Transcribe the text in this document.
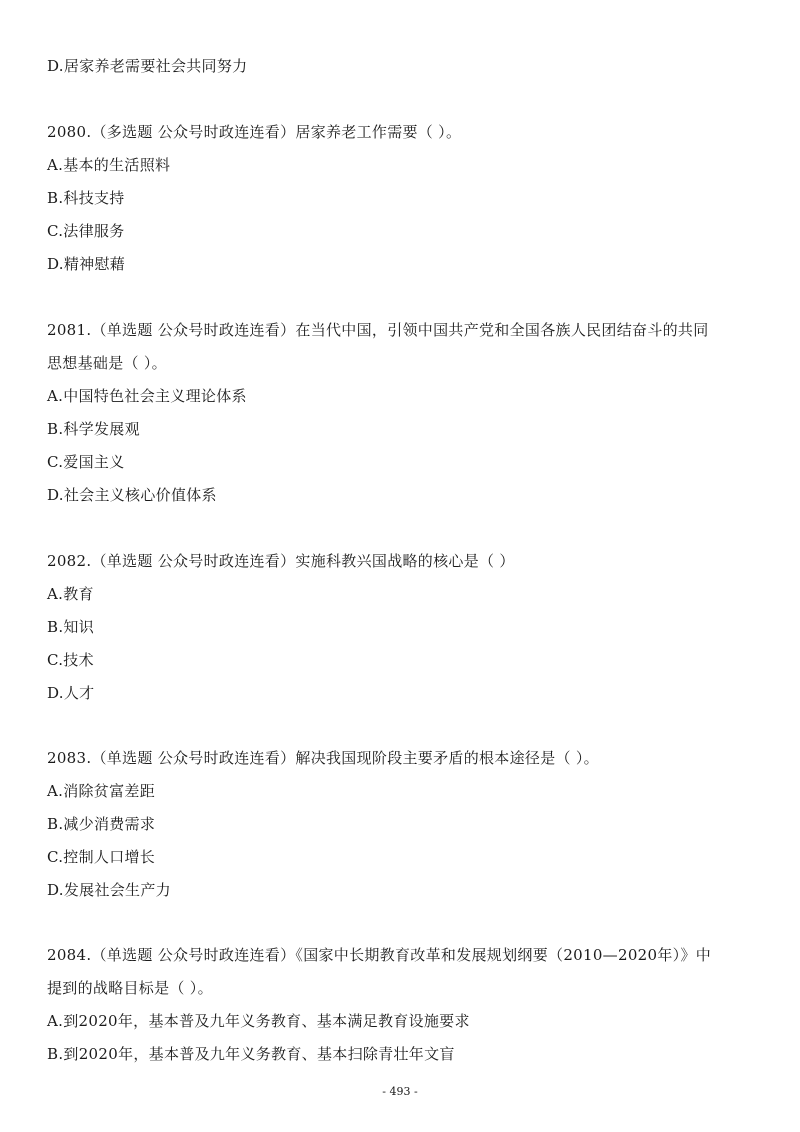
D.居家养老需要社会共同努力
2080.（多选题 公众号时政连连看）居家养老工作需要（ ）。
A.基本的生活照料
B.科技支持
C.法律服务
D.精神慰藉
2081.（单选题 公众号时政连连看）在当代中国，引领中国共产党和全国各族人民团结奋斗的共同
思想基础是（ ）。
A.中国特色社会主义理论体系
B.科学发展观
C.爱国主义
D.社会主义核心价值体系
2082.（单选题 公众号时政连连看）实施科教兴国战略的核心是（ ）
A.教育
B.知识
C.技术
D.人才
2083.（单选题 公众号时政连连看）解决我国现阶段主要矛盾的根本途径是（ ）。
A.消除贫富差距
B.减少消费需求
C.控制人口增长
D.发展社会生产力
2084.（单选题 公众号时政连连看）《国家中长期教育改革和发展规划纲要（2010—2020年）》中
提到的战略目标是（ ）。
A.到2020年，基本普及九年义务教育、基本满足教育设施要求
B.到2020年，基本普及九年义务教育、基本扫除青壮年文盲
- 493 -
